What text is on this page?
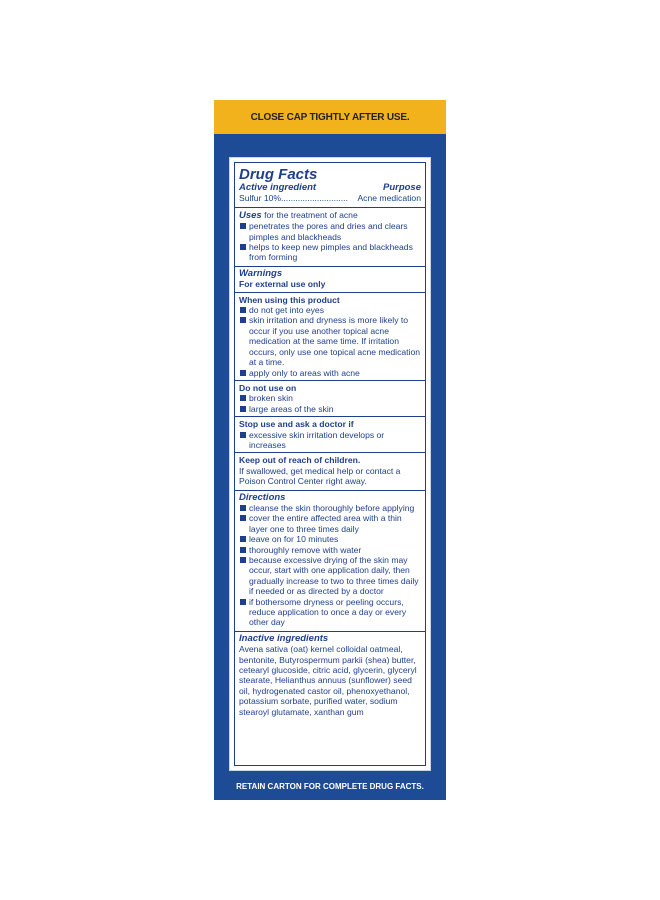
CLOSE CAP TIGHTLY AFTER USE.
Drug Facts
Active ingredient	Purpose
Sulfur 10%............................ Acne medication
Uses for the treatment of acne
penetrates the pores and dries and clears pimples and blackheads
helps to keep new pimples and blackheads from forming
Warnings
For external use only
When using this product
do not get into eyes
skin irritation and dryness is more likely to occur if you use another topical acne medication at the same time. If irritation occurs, only use one topical acne medication at a time.
apply only to areas with acne
Do not use on
broken skin
large areas of the skin
Stop use and ask a doctor if
excessive skin irritation develops or increases
Keep out of reach of children.
If swallowed, get medical help or contact a Poison Control Center right away.
Directions
cleanse the skin thoroughly before applying
cover the entire affected area with a thin layer one to three times daily
leave on for 10 minutes
thoroughly remove with water
because excessive drying of the skin may occur, start with one application daily, then gradually increase to two to three times daily if needed or as directed by a doctor
if bothersome dryness or peeling occurs, reduce application to once a day or every other day
Inactive ingredients
Avena sativa (oat) kernel colloidal oatmeal, bentonite, Butyrospermum parkii (shea) butter, cetearyl glucoside, citric acid, glycerin, glyceryl stearate, Helianthus annuus (sunflower) seed oil, hydrogenated castor oil, phenoxyethanol, potassium sorbate, purified water, sodium stearoyl glutamate, xanthan gum
RETAIN CARTON FOR COMPLETE DRUG FACTS.
